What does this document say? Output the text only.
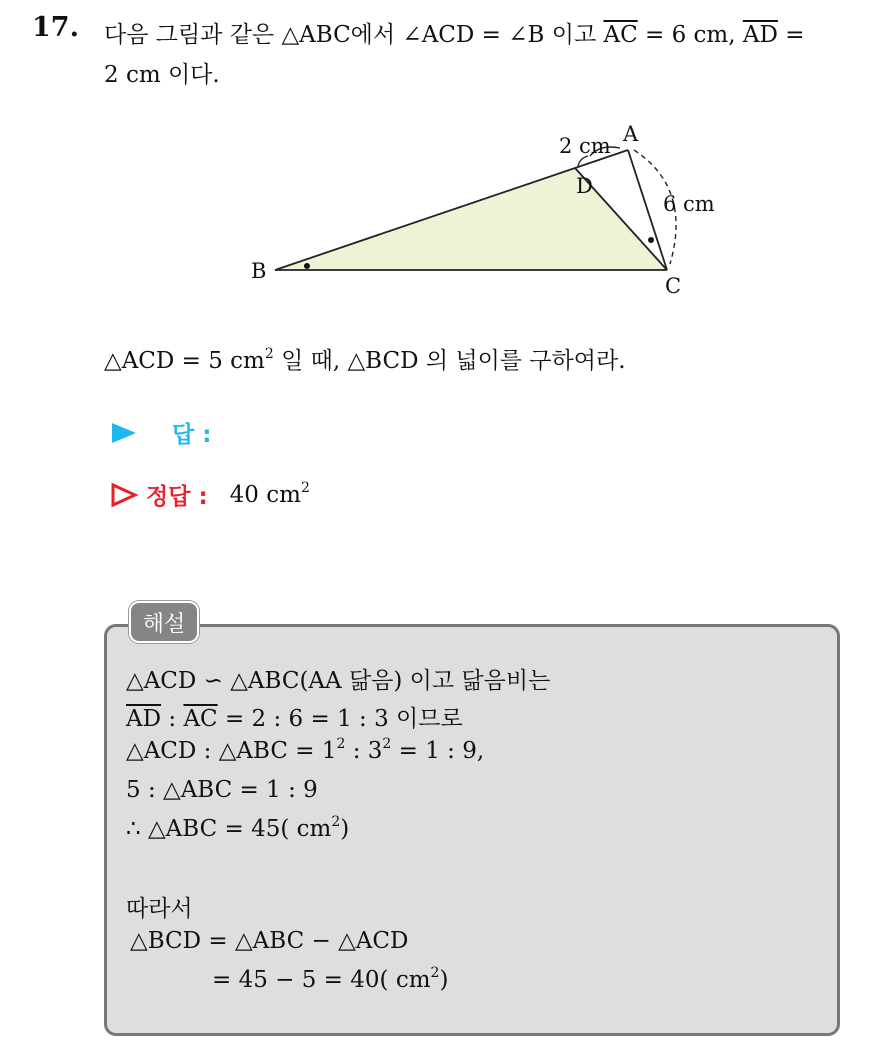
17. 다음 그림과 같은 △ABC에서 ∠ACD = ∠B 이고 $\overline{AC} = 6$ cm, $\overline{AD}$ =
2 cm 이다.
A
B
C
D
2 cm
6 cm
△ACD = 5 $cm^2$ 일 때, △BCD 의 넓이를 구하여라.
답 :
정답 : 40 $cm^2$
해설
△ACD ∽ △ABC(AA 닮음) 이고 닮음비는
$\overline{AD}$ : $\overline{AC} = 2$ : 6 = 1 : 3 이므로
△ACD : △ABC = $1^2$ : $3^2 = 1$ : 9,
5 : △ABC = 1 : 9
∴ △ABC = 45( $cm^2$)
따라서
△BCD = △ABC − △ACD
= 45 − 5 = 40( $cm^2$)
